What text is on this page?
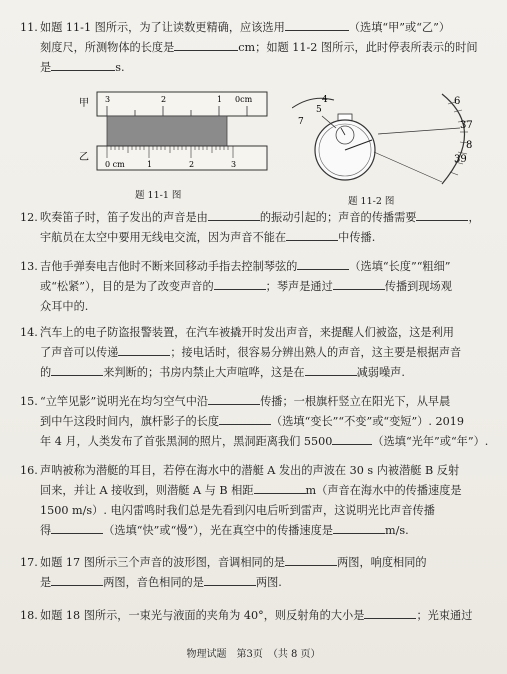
11. 如题 11-1 图所示，为了让读数更精确，应该选用	（选填“甲”或“乙”）
刻度尺，所测物体的长度是	cm；如题 11-2 图所示，此时停表所表示的时间
是	s.
甲
乙
3	2	1 0cm
0 cm	1	2	3
题 11-1 图
7
5
4	6
37
8
39
题 11-2 图
12. 吹奏笛子时，笛子发出的声音是由	的振动引起的；声音的传播需要	，
宇航员在太空中要用无线电交流，因为声音不能在	中传播.
13. 吉他手弹奏电吉他时不断来回移动手指去控制琴弦的	（选填“长度”“粗细”
或“松紧”），目的是为了改变声音的	；琴声是通过	传播到现场观
众耳中的.
14. 汽车上的电子防盗报警装置，在汽车被撬开时发出声音，来提醒人们被盗，这是利用
了声音可以传递	；接电话时，很容易分辨出熟人的声音，这主要是根据声音
的	来判断的；书房内禁止大声喧哗，这是在	减弱噪声.
15. “立竿见影”说明光在均匀空气中沿	传播；一根旗杆竖立在阳光下，从早晨
到中午这段时间内，旗杆影子的长度	（选填“变长”“不变”或“变短”）. 2019
年 4 月，人类发布了首张黑洞的照片，黑洞距离我们 5500	（选填“光年”或“年”）.
16. 声呐被称为潜艇的耳目，若停在海水中的潜艇 A 发出的声波在 30 s 内被潜艇 B 反射
回来，并让 A 接收到，则潜艇 A 与 B 相距	m（声音在海水中的传播速度是
1500 m/s）. 电闪雷鸣时我们总是先看到闪电后听到雷声，这说明光比声音传播
得	（选填“快”或“慢”），光在真空中的传播速度是	m/s.
17. 如题 17 图所示三个声音的波形图，音调相同的是	两图，响度相同的
是	两图，音色相同的是	两图.
18. 如题 18 图所示，一束光与液面的夹角为 40°，则反射角的大小是	；光束通过
物理试题　第3页　（共 8 页）
